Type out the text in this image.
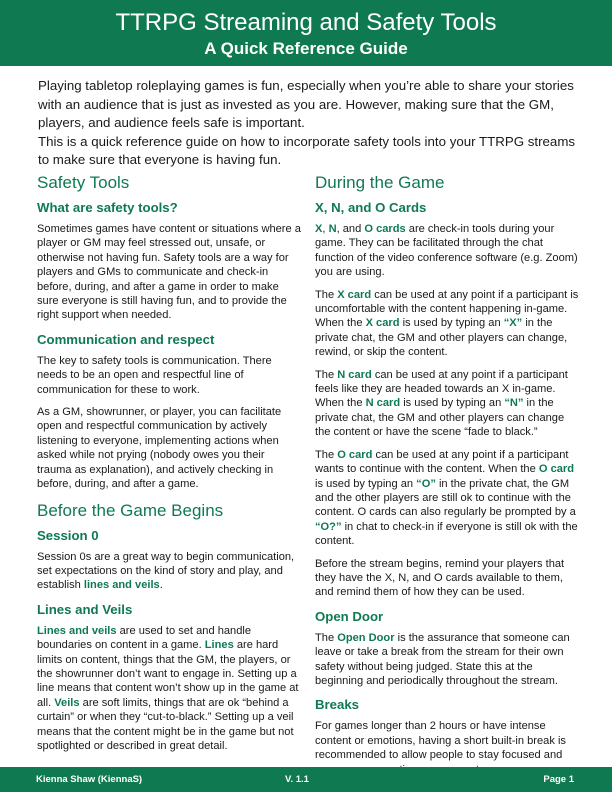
TTRPG Streaming and Safety Tools
A Quick Reference Guide

Playing tabletop roleplaying games is fun, especially when you’re able to share your stories with an audience that is just as invested as you are. However, making sure that the GM, players, and audience feels safe is important.

This is a quick reference guide on how to incorporate safety tools into your TTRPG streams to make sure that everyone is having fun.

Safety Tools
What are safety tools?

Sometimes games have content or situations where a player or GM may feel stressed out, unsafe, or otherwise not having fun. Safety tools are a way for players and GMs to communicate and check-in before, during, and after a game in order to make sure everyone is still having fun, and to provide the right support when needed.

Communication and respect

The key to safety tools is communication. There needs to be an open and respectful line of communication for these to work.

As a GM, showrunner, or player, you can facilitate open and respectful communication by actively listening to everyone, implementing actions when asked while not prying (nobody owes you their trauma as explanation), and actively checking in before, during, and after a game.

Before the Game Begins
Session 0

Session 0s are a great way to begin communication, set expectations on the kind of story and play, and establish lines and veils.

Lines and Veils

Lines and veils are used to set and handle boundaries on content in a game. Lines are hard limits on content, things that the GM, the players, or the showrunner don’t want to engage in. Setting up a line means that content won’t show up in the game at all. Veils are soft limits, things that are ok “behind a curtain” or when they “cut-to-black.” Setting up a veil means that the content might be in the game but not spotlighted or described in great detail.

During the Game
X, N, and O Cards

X, N, and O cards are check-in tools during your game. They can be facilitated through the chat function of the video conference software (e.g. Zoom) you are using.

The X card can be used at any point if a participant is uncomfortable with the content happening in-game. When the X card is used by typing an “X” in the private chat, the GM and other players can change, rewind, or skip the content.

The N card can be used at any point if a participant feels like they are headed towards an X in-game. When the N card is used by typing an “N” in the private chat, the GM and other players can change the content or have the scene “fade to black.”

The O card can be used at any point if a participant wants to continue with the content. When the O card is used by typing an “O” in the private chat, the GM and the other players are still ok to continue with the content. O cards can also regularly be prompted by a “O?” in chat to check-in if everyone is still ok with the content.

Before the stream begins, remind your players that they have the X, N, and O cards available to them, and remind them of how they can be used.

Open Door

The Open Door is the assurance that someone can leave or take a break from the stream for their own safety without being judged. State this at the beginning and periodically throughout the stream.

Breaks

For games longer than 2 hours or have intense content or emotions, having a short built-in break is recommended to allow people to stay focused and

Kienna Shaw (KiennaS)	V. 1.1	Page 1
